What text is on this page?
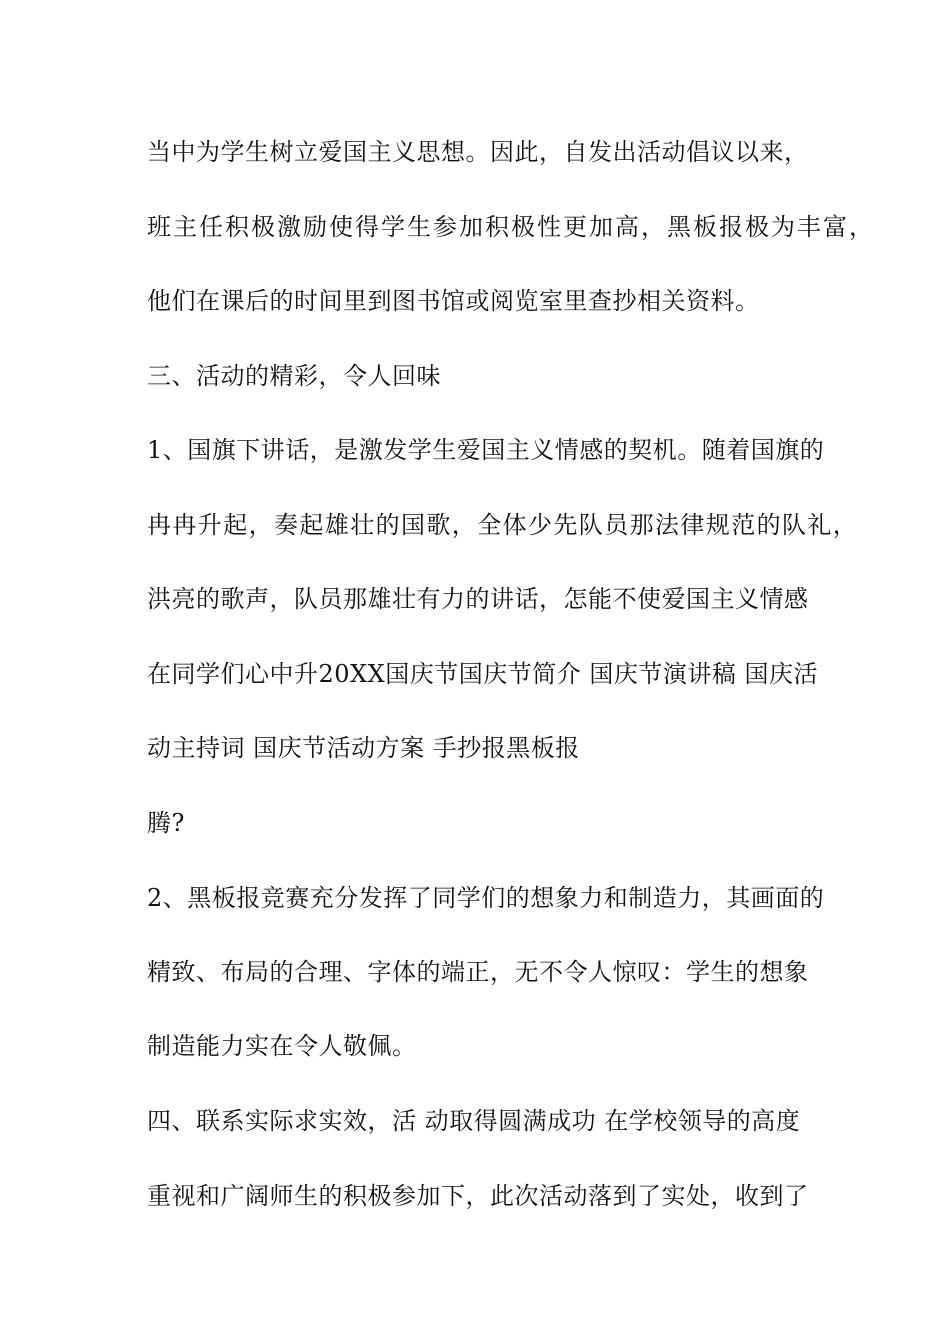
当中为学生树立爱国主义思想。因此，自发出活动倡议以来，
班主任积极激励使得学生参加积极性更加高，黑板报极为丰富，
他们在课后的时间里到图书馆或阅览室里查抄相关资料。
三、活动的精彩，令人回味
1、国旗下讲话，是激发学生爱国主义情感的契机。随着国旗的
冉冉升起，奏起雄壮的国歌，全体少先队员那法律规范的队礼，
洪亮的歌声，队员那雄壮有力的讲话，怎能不使爱国主义情感
在同学们心中升20XX国庆节国庆节简介 国庆节演讲稿 国庆活
动主持词 国庆节活动方案 手抄报黑板报
腾?
2、黑板报竞赛充分发挥了同学们的想象力和制造力，其画面的
精致、布局的合理、字体的端正，无不令人惊叹：学生的想象
制造能力实在令人敬佩。
四、联系实际求实效，活 动取得圆满成功 在学校领导的高度
重视和广阔师生的积极参加下，此次活动落到了实处，收到了
